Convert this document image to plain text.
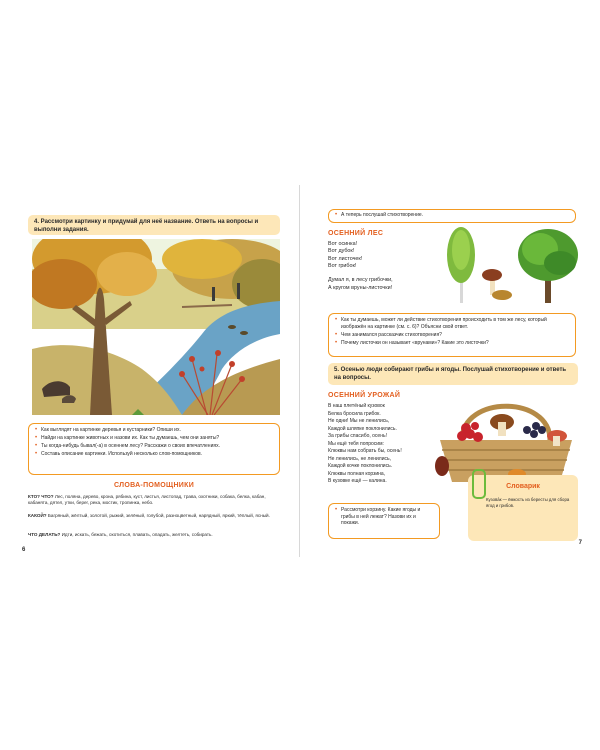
4. Рассмотри картинку и придумай для неё название. Ответь на вопросы и выполни задания.
• Как выглядят на картинке деревья и кустарники? Опиши их.
• Найди на картинке животных и назови их. Как ты думаешь, чем они заняты?
• Ты когда-нибудь бывал(-а) в осеннем лесу? Расскажи о своих впечатлениях.
• Составь описание картинки. Используй несколько слов-помощников.
СЛОВА-ПОМОЩНИКИ
КТО? ЧТО? Лес, поляна, дерево, крона, рябина, куст, листья, листопад, трава, охотники, собака, белка, кабан, кабанята, дятел, утки, берег, река, мостик, тропинка, небо.
КАКОЙ? Багряный, жёлтый, золотой, рыжий, зелёный, голубой, разноцветный, нарядный, яркий, тёплый, ясный.
ЧТО ДЕЛАТЬ? Идти, искать, бежать, охотиться, плавать, опадать, желтеть, собирать.
6
• А теперь послушай стихотворение.
ОСЕННИЙ ЛЕС
Вот осинка!
Вот дубок!
Вот листочек!
Вот грибок!

Думал я, в лесу грибочки,
А кругом вруны-листочки!
• Как ты думаешь, может ли действие стихотворения происходить в том же лесу, который изображён на картинке (см. с. 6)? Объясни свой ответ.
• Чем занимался рассказчик стихотворения?
• Почему листочки он называет «врунами»? Какие это листочки?
5. Осенью люди собирают грибы и ягоды. Послушай стихотворение и ответь на вопросы.
ОСЕННИЙ УРОЖАЙ
В наш плетёный кузовок
Белка бросила грибок.
Не одни! Мы не ленились,
Каждой шляпке поклонились.
За грибы спасибо, осень!
Мы ещё тебя попросим:
Клюквы нам собрать бы, осень!
Не ленились, не ленились,
Каждой кочке поклонились.
Клюквы полная корзина,
В кузовке ещё — калина.
Словарик
Кузова́к — ёмкость из бересты для сбора ягод и грибов.
• Рассмотри корзину. Какие ягоды и грибы в ней лежат? Назови их и покажи.
7
